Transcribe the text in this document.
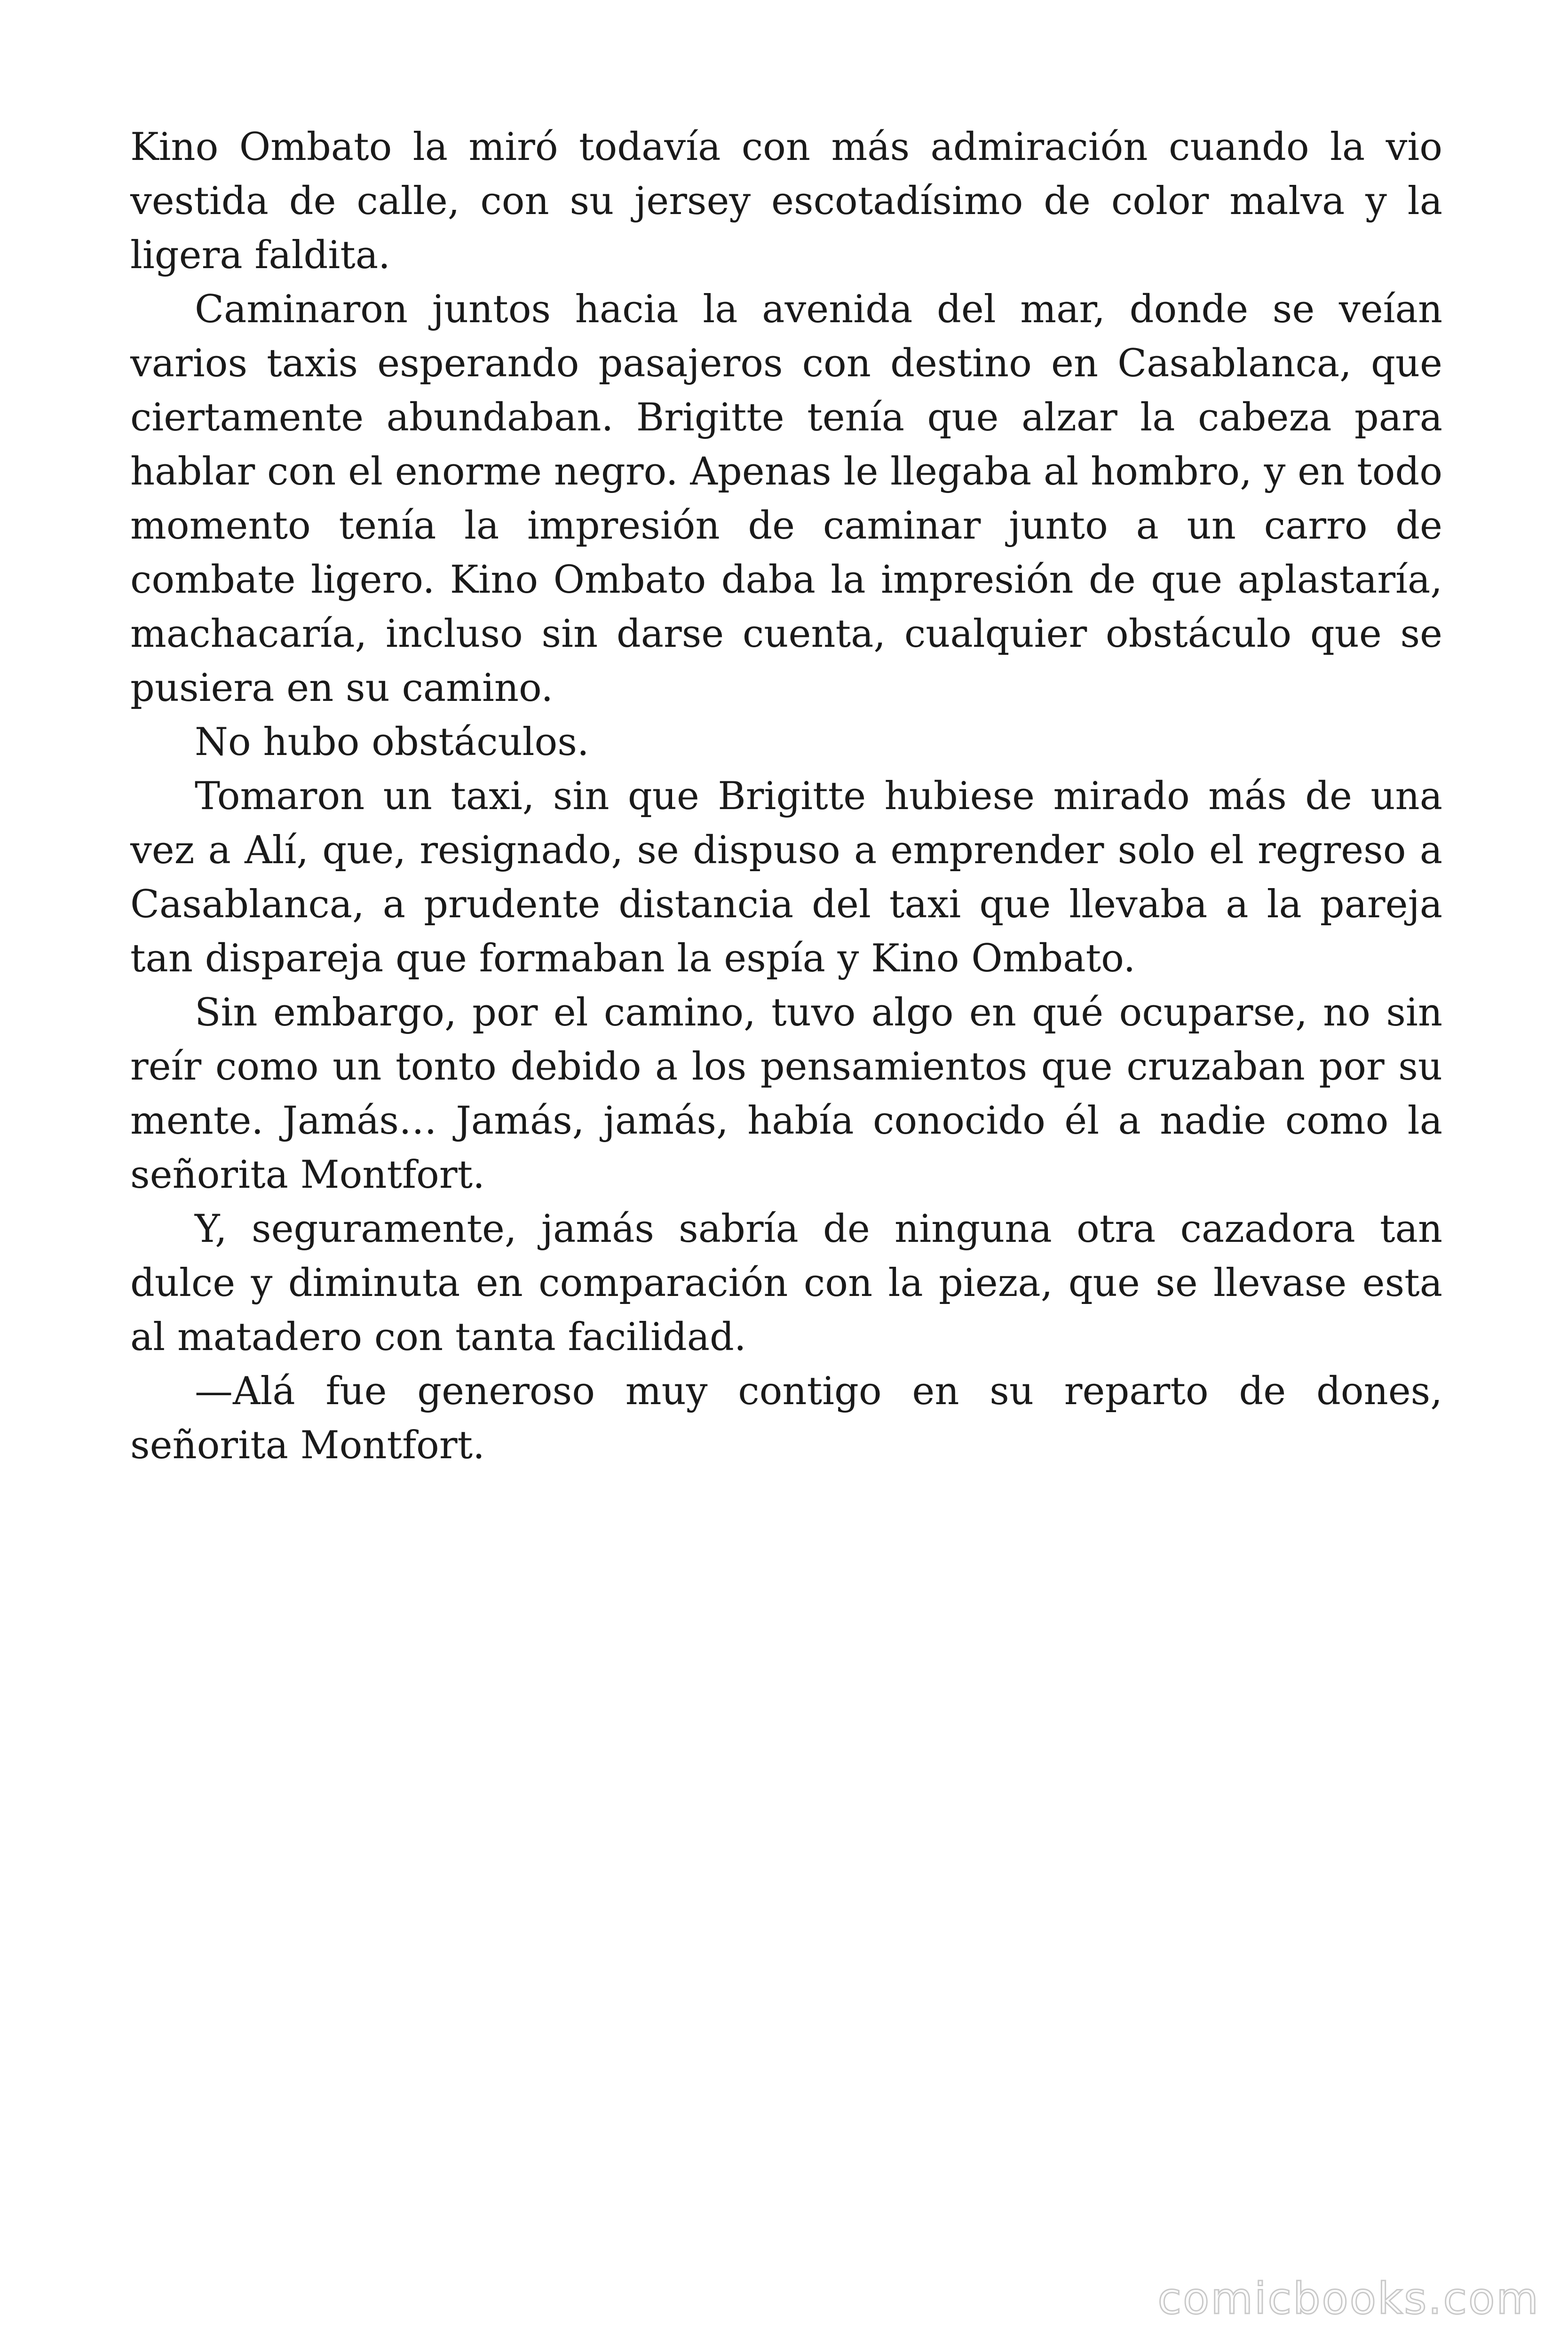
Kino Ombato la miró todavía con más admiración cuando la vio vestida de calle, con su jersey escotadísimo de color malva y la ligera faldita.

Caminaron juntos hacia la avenida del mar, donde se veían varios taxis esperando pasajeros con destino en Casablanca, que ciertamente abundaban. Brigitte tenía que alzar la cabeza para hablar con el enorme negro. Apenas le llegaba al hombro, y en todo momento tenía la impresión de caminar junto a un carro de combate ligero. Kino Ombato daba la impresión de que aplastaría, machacaría, incluso sin darse cuenta, cualquier obstáculo que se pusiera en su camino.

No hubo obstáculos.

Tomaron un taxi, sin que Brigitte hubiese mirado más de una vez a Alí, que, resignado, se dispuso a emprender solo el regreso a Casablanca, a prudente distancia del taxi que llevaba a la pareja tan dispareja que formaban la espía y Kino Ombato.

Sin embargo, por el camino, tuvo algo en qué ocuparse, no sin reír como un tonto debido a los pensamientos que cruzaban por su mente. Jamás… Jamás, jamás, había conocido él a nadie como la señorita Montfort.

Y, seguramente, jamás sabría de ninguna otra cazadora tan dulce y diminuta en comparación con la pieza, que se llevase esta al matadero con tanta facilidad.

—Alá fue generoso muy contigo en su reparto de dones, señorita Montfort.

comicbooks.com
